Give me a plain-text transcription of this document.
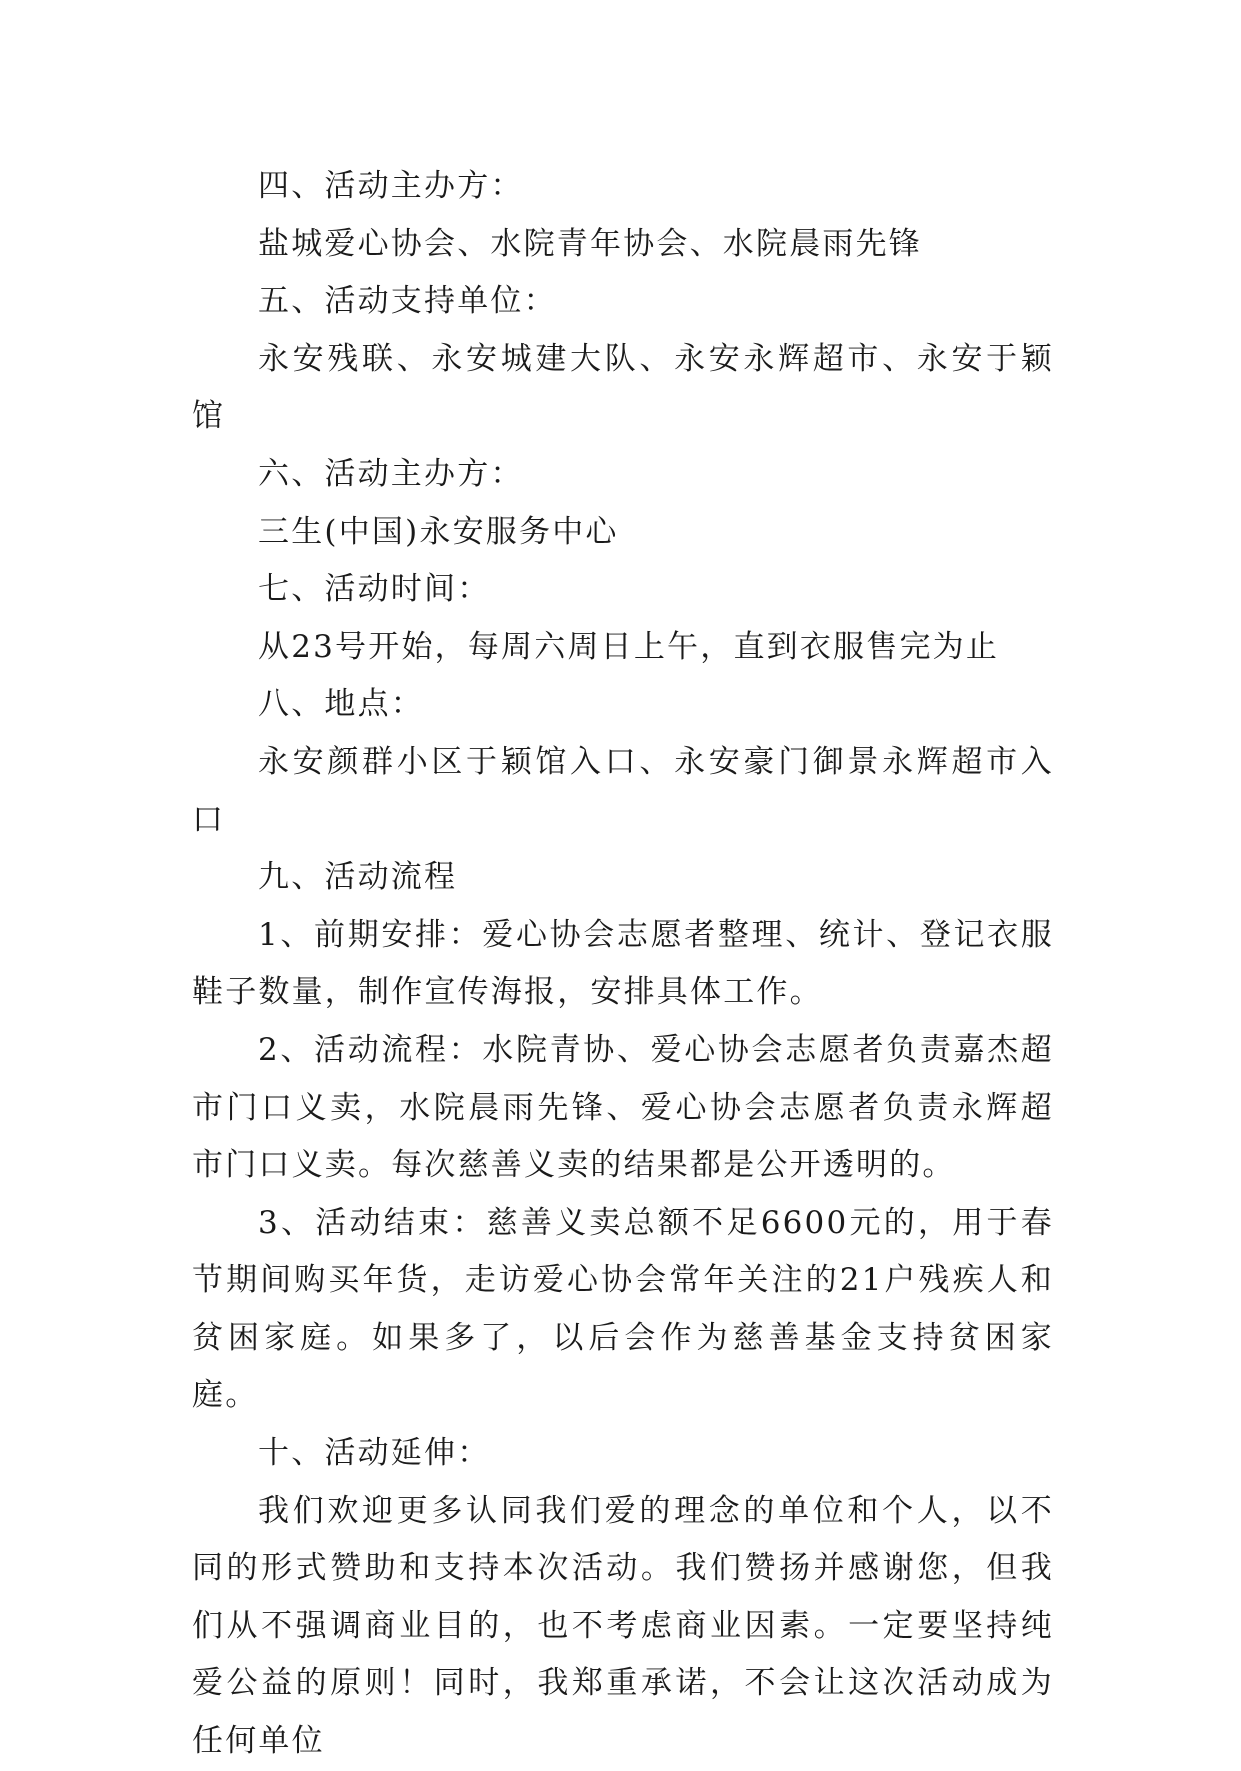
四、活动主办方：

盐城爱心协会、水院青年协会、水院晨雨先锋

五、活动支持单位：

永安残联、永安城建大队、永安永辉超市、永安于颖馆

六、活动主办方：

三生(中国)永安服务中心

七、活动时间：

从23号开始，每周六周日上午，直到衣服售完为止

八、地点：

永安颜群小区于颖馆入口、永安豪门御景永辉超市入口

九、活动流程

1、前期安排：爱心协会志愿者整理、统计、登记衣服鞋子数量，制作宣传海报，安排具体工作。

2、活动流程：水院青协、爱心协会志愿者负责嘉杰超市门口义卖，水院晨雨先锋、爱心协会志愿者负责永辉超市门口义卖。每次慈善义卖的结果都是公开透明的。

3、活动结束：慈善义卖总额不足6600元的，用于春节期间购买年货，走访爱心协会常年关注的21户残疾人和贫困家庭。如果多了，以后会作为慈善基金支持贫困家庭。

十、活动延伸：

我们欢迎更多认同我们爱的理念的单位和个人，以不同的形式赞助和支持本次活动。我们赞扬并感谢您，但我们从不强调商业目的，也不考虑商业因素。一定要坚持纯爱公益的原则！同时，我郑重承诺，不会让这次活动成为任何单位
